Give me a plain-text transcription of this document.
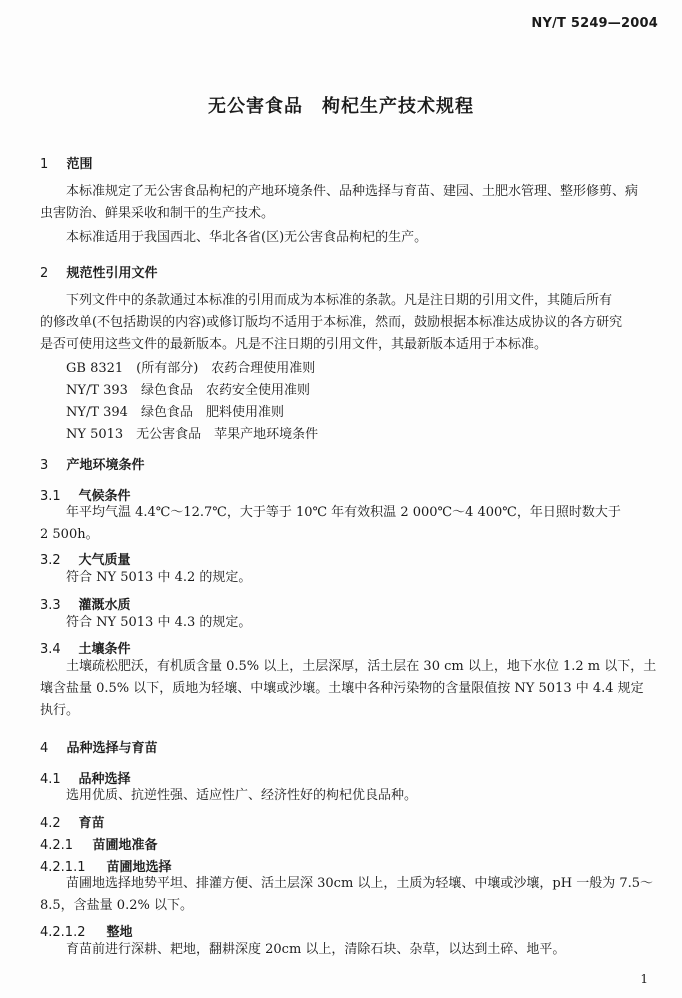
NY/T 5249—2004
无公害食品　枸杞生产技术规程
1 范围
本标准规定了无公害食品枸杞的产地环境条件、品种选择与育苗、建园、土肥水管理、整形修剪、病
虫害防治、鲜果采收和制干的生产技术。
本标准适用于我国西北、华北各省(区)无公害食品枸杞的生产。
2 规范性引用文件
下列文件中的条款通过本标准的引用而成为本标准的条款。凡是注日期的引用文件，其随后所有
的修改单(不包括勘误的内容)或修订版均不适用于本标准，然而，鼓励根据本标准达成协议的各方研究
是否可使用这些文件的最新版本。凡是不注日期的引用文件，其最新版本适用于本标准。
GB 8321　(所有部分)　农药合理使用准则
NY/T 393　绿色食品　农药安全使用准则
NY/T 394　绿色食品　肥料使用准则
NY 5013　无公害食品　苹果产地环境条件
3 产地环境条件
3.1 气候条件
年平均气温 4.4℃～12.7℃，大于等于 10℃ 年有效积温 2 000℃～4 400℃，年日照时数大于
2 500h。
3.2 大气质量
符合 NY 5013 中 4.2 的规定。
3.3 灌溉水质
符合 NY 5013 中 4.3 的规定。
3.4 土壤条件
土壤疏松肥沃，有机质含量 0.5% 以上，土层深厚，活土层在 30 cm 以上，地下水位 1.2 m 以下，土
壤含盐量 0.5% 以下，质地为轻壤、中壤或沙壤。土壤中各种污染物的含量限值按 NY 5013 中 4.4 规定
执行。
4 品种选择与育苗
4.1 品种选择
选用优质、抗逆性强、适应性广、经济性好的枸杞优良品种。
4.2 育苗
4.2.1 苗圃地准备
4.2.1.1 苗圃地选择
苗圃地选择地势平坦、排灌方便、活土层深 30cm 以上，土质为轻壤、中壤或沙壤，pH 一般为 7.5～
8.5，含盐量 0.2% 以下。
4.2.1.2 整地
育苗前进行深耕、耙地，翻耕深度 20cm 以上，清除石块、杂草，以达到土碎、地平。
1
